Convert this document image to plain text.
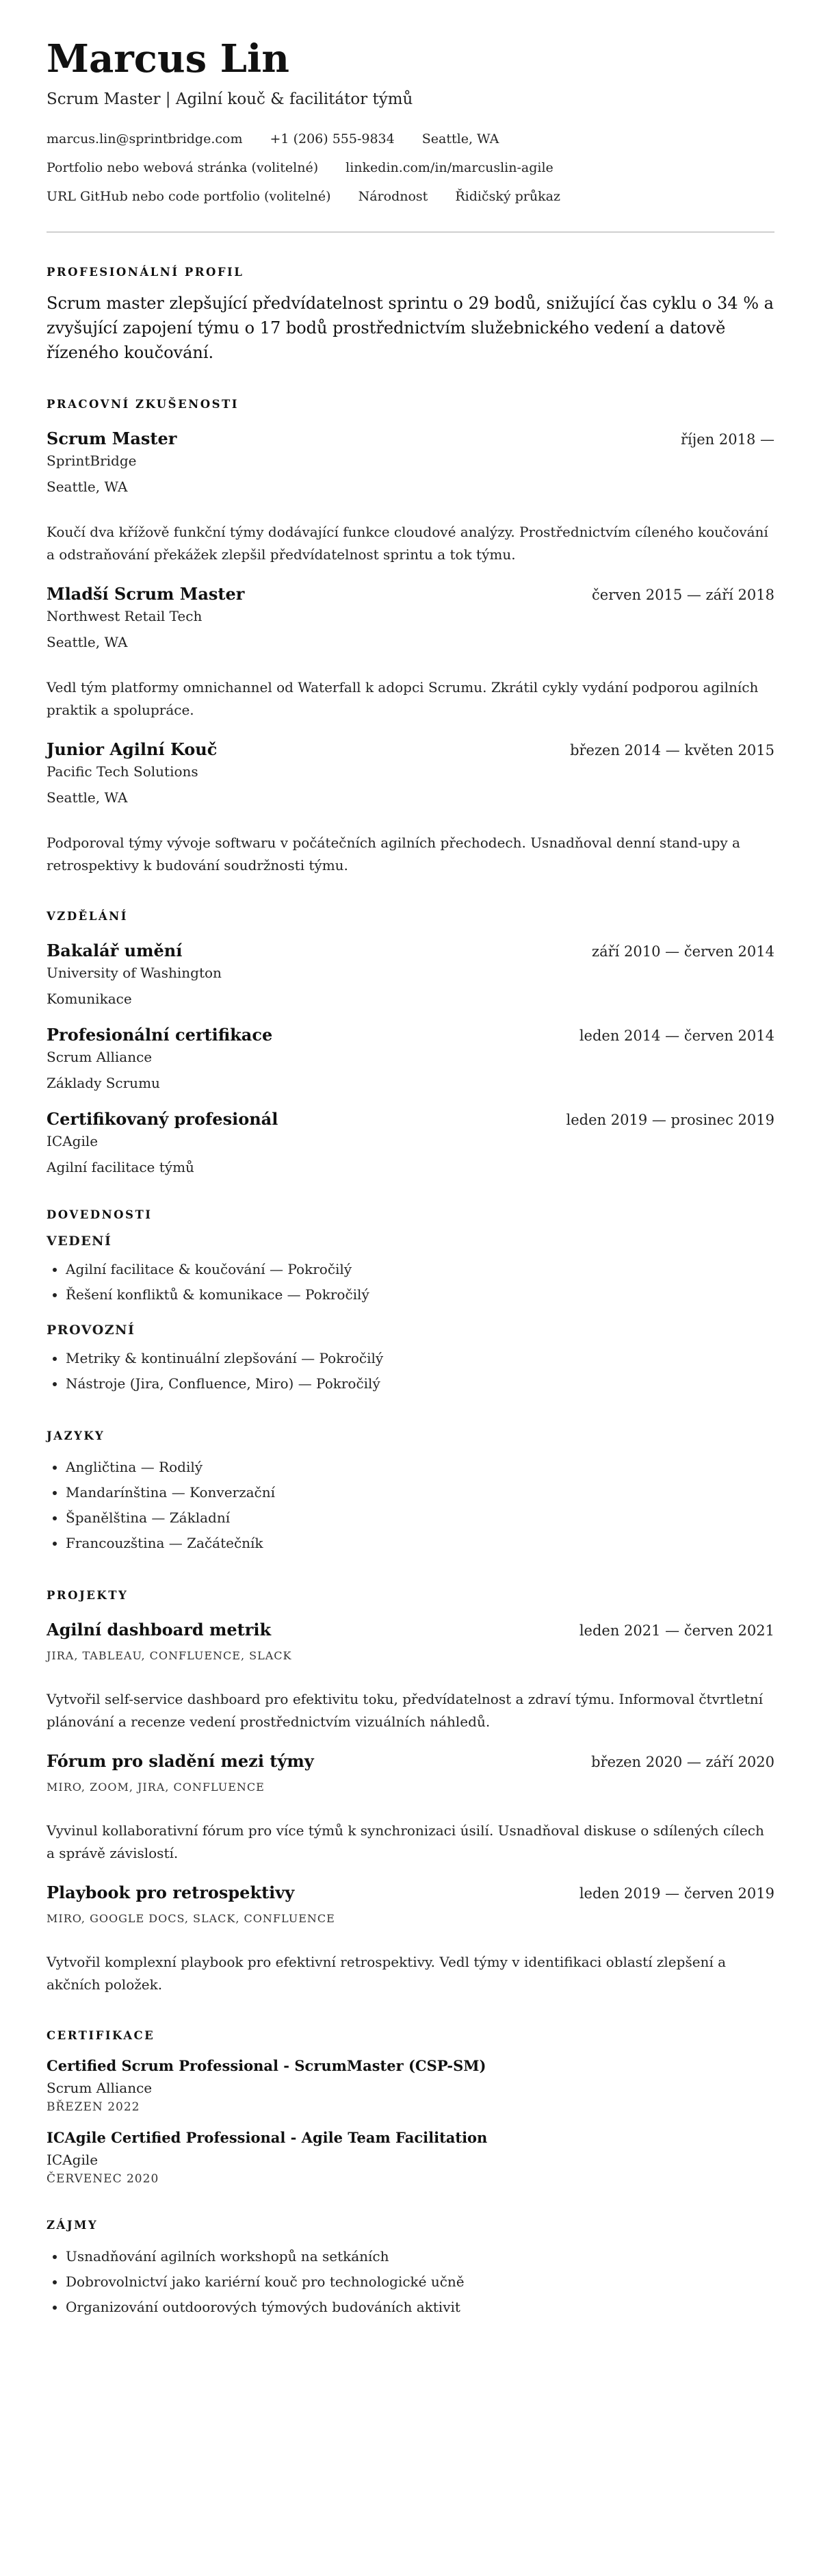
Marcus Lin
Scrum Master | Agilní kouč & facilitátor týmů
marcus.lin@sprintbridge.com +1 (206) 555-9834 Seattle, WA
Portfolio nebo webová stránka (volitelné) linkedin.com/in/marcuslin-agile
URL GitHub nebo code portfolio (volitelné) Národnost Řidičský průkaz
PROFESIONÁLNÍ PROFIL

Scrum master zlepšující předvídatelnost sprintu o 29 bodů, snižující čas cyklu o 34 % a zvyšující zapojení týmu o 17 bodů prostřednictvím služebnického vedení a datově řízeného koučování.

PRACOVNÍ ZKUŠENOSTI
Scrum Master	říjen 2018 —
SprintBridge
Seattle, WA
Koučí dva křížově funkční týmy dodávající funkce cloudové analýzy. Prostřednictvím cíleného koučování a odstraňování překážek zlepšil předvídatelnost sprintu a tok týmu.
Mladší Scrum Master	červen 2015 — září 2018
Northwest Retail Tech
Seattle, WA
Vedl tým platformy omnichannel od Waterfall k adopci Scrumu. Zkrátil cykly vydání podporou agilních praktik a spolupráce.
Junior Agilní Kouč	březen 2014 — květen 2015
Pacific Tech Solutions
Seattle, WA
Podporoval týmy vývoje softwaru v počátečních agilních přechodech. Usnadňoval denní stand-upy a retrospektivy k budování soudržnosti týmu.
VZDĚLÁNÍ
Bakalář umění	září 2010 — červen 2014
University of Washington
Komunikace
Profesionální certifikace	leden 2014 — červen 2014
Scrum Alliance
Základy Scrumu
Certifikovaný profesionál	leden 2019 — prosinec 2019
ICAgile
Agilní facilitace týmů
DOVEDNOSTI
VEDENÍ
• Agilní facilitace & koučování — Pokročilý
• Řešení konfliktů & komunikace — Pokročilý
PROVOZNÍ
• Metriky & kontinuální zlepšování — Pokročilý
• Nástroje (Jira, Confluence, Miro) — Pokročilý
JAZYKY
• Angličtina — Rodilý
• Mandarínština — Konverzační
• Španělština — Základní
• Francouzština — Začátečník
PROJEKTY
Agilní dashboard metrik	leden 2021 — červen 2021
JIRA, TABLEAU, CONFLUENCE, SLACK
Vytvořil self-service dashboard pro efektivitu toku, předvídatelnost a zdraví týmu. Informoval čtvrtletní plánování a recenze vedení prostřednictvím vizuálních náhledů.
Fórum pro sladění mezi týmy	březen 2020 — září 2020
MIRO, ZOOM, JIRA, CONFLUENCE
Vyvinul kollaborativní fórum pro více týmů k synchronizaci úsilí. Usnadňoval diskuse o sdílených cílech a správě závislostí.
Playbook pro retrospektivy	leden 2019 — červen 2019
MIRO, GOOGLE DOCS, SLACK, CONFLUENCE
Vytvořil komplexní playbook pro efektivní retrospektivy. Vedl týmy v identifikaci oblastí zlepšení a akčních položek.
CERTIFIKACE
Certified Scrum Professional - ScrumMaster (CSP-SM)
Scrum Alliance
BŘEZEN 2022
ICAgile Certified Professional - Agile Team Facilitation
ICAgile
ČERVENEC 2020
ZÁJMY
• Usnadňování agilních workshopů na setkáních
• Dobrovolnictví jako kariérní kouč pro technologické učně
• Organizování outdoorových týmových budováních aktivit
